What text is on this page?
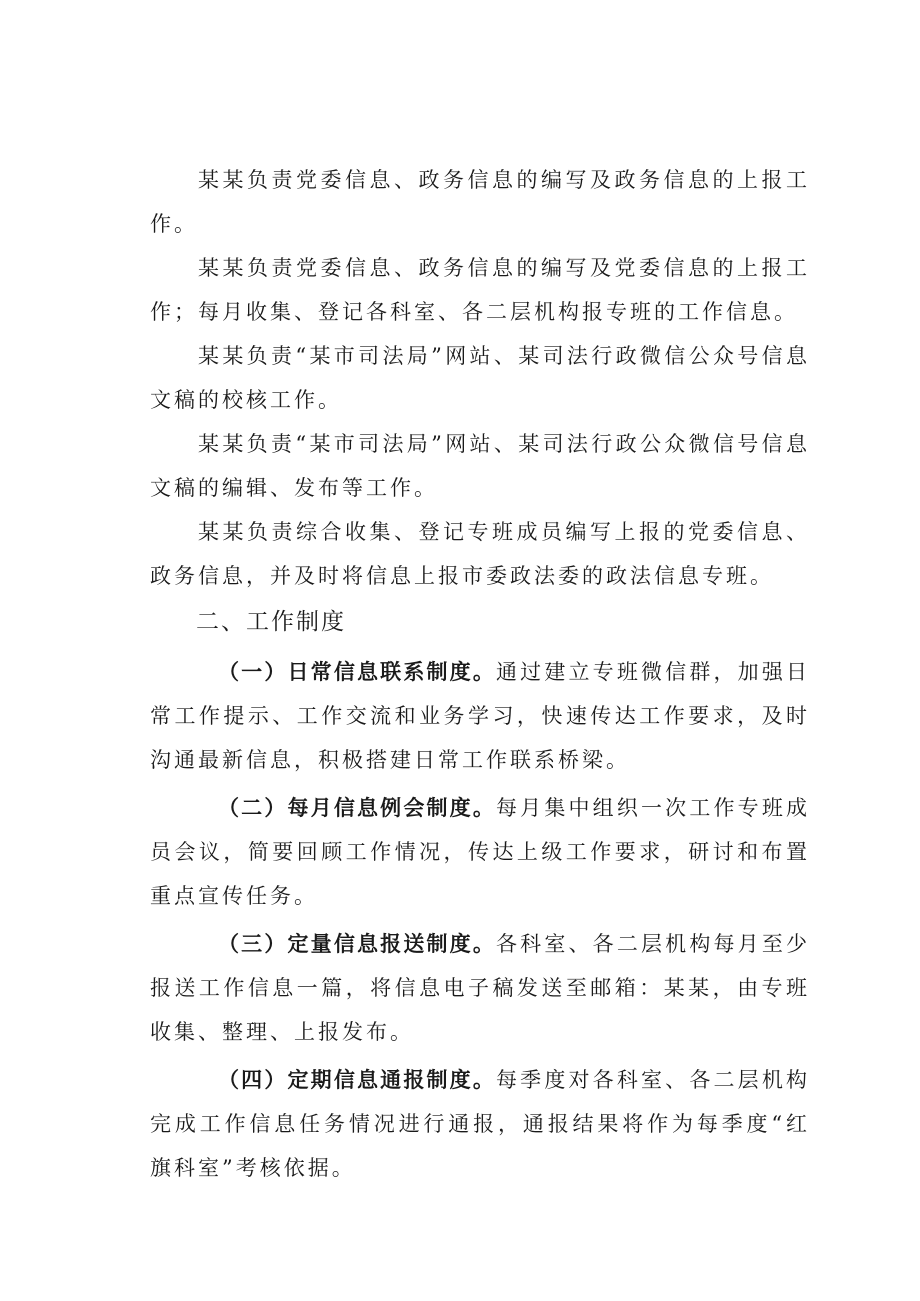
某某负责党委信息、政务信息的编写及政务信息的上报工作。

某某负责党委信息、政务信息的编写及党委信息的上报工作；每月收集、登记各科室、各二层机构报专班的工作信息。

某某负责“某市司法局”网站、某司法行政微信公众号信息文稿的校核工作。

某某负责“某市司法局”网站、某司法行政公众微信号信息文稿的编辑、发布等工作。

某某负责综合收集、登记专班成员编写上报的党委信息、政务信息，并及时将信息上报市委政法委的政法信息专班。

二、工作制度

（一）日常信息联系制度。通过建立专班微信群，加强日常工作提示、工作交流和业务学习，快速传达工作要求，及时沟通最新信息，积极搭建日常工作联系桥梁。

（二）每月信息例会制度。每月集中组织一次工作专班成员会议，简要回顾工作情况，传达上级工作要求，研讨和布置重点宣传任务。

（三）定量信息报送制度。各科室、各二层机构每月至少报送工作信息一篇，将信息电子稿发送至邮箱：某某，由专班收集、整理、上报发布。

（四）定期信息通报制度。每季度对各科室、各二层机构完成工作信息任务情况进行通报，通报结果将作为每季度“红旗科室”考核依据。
